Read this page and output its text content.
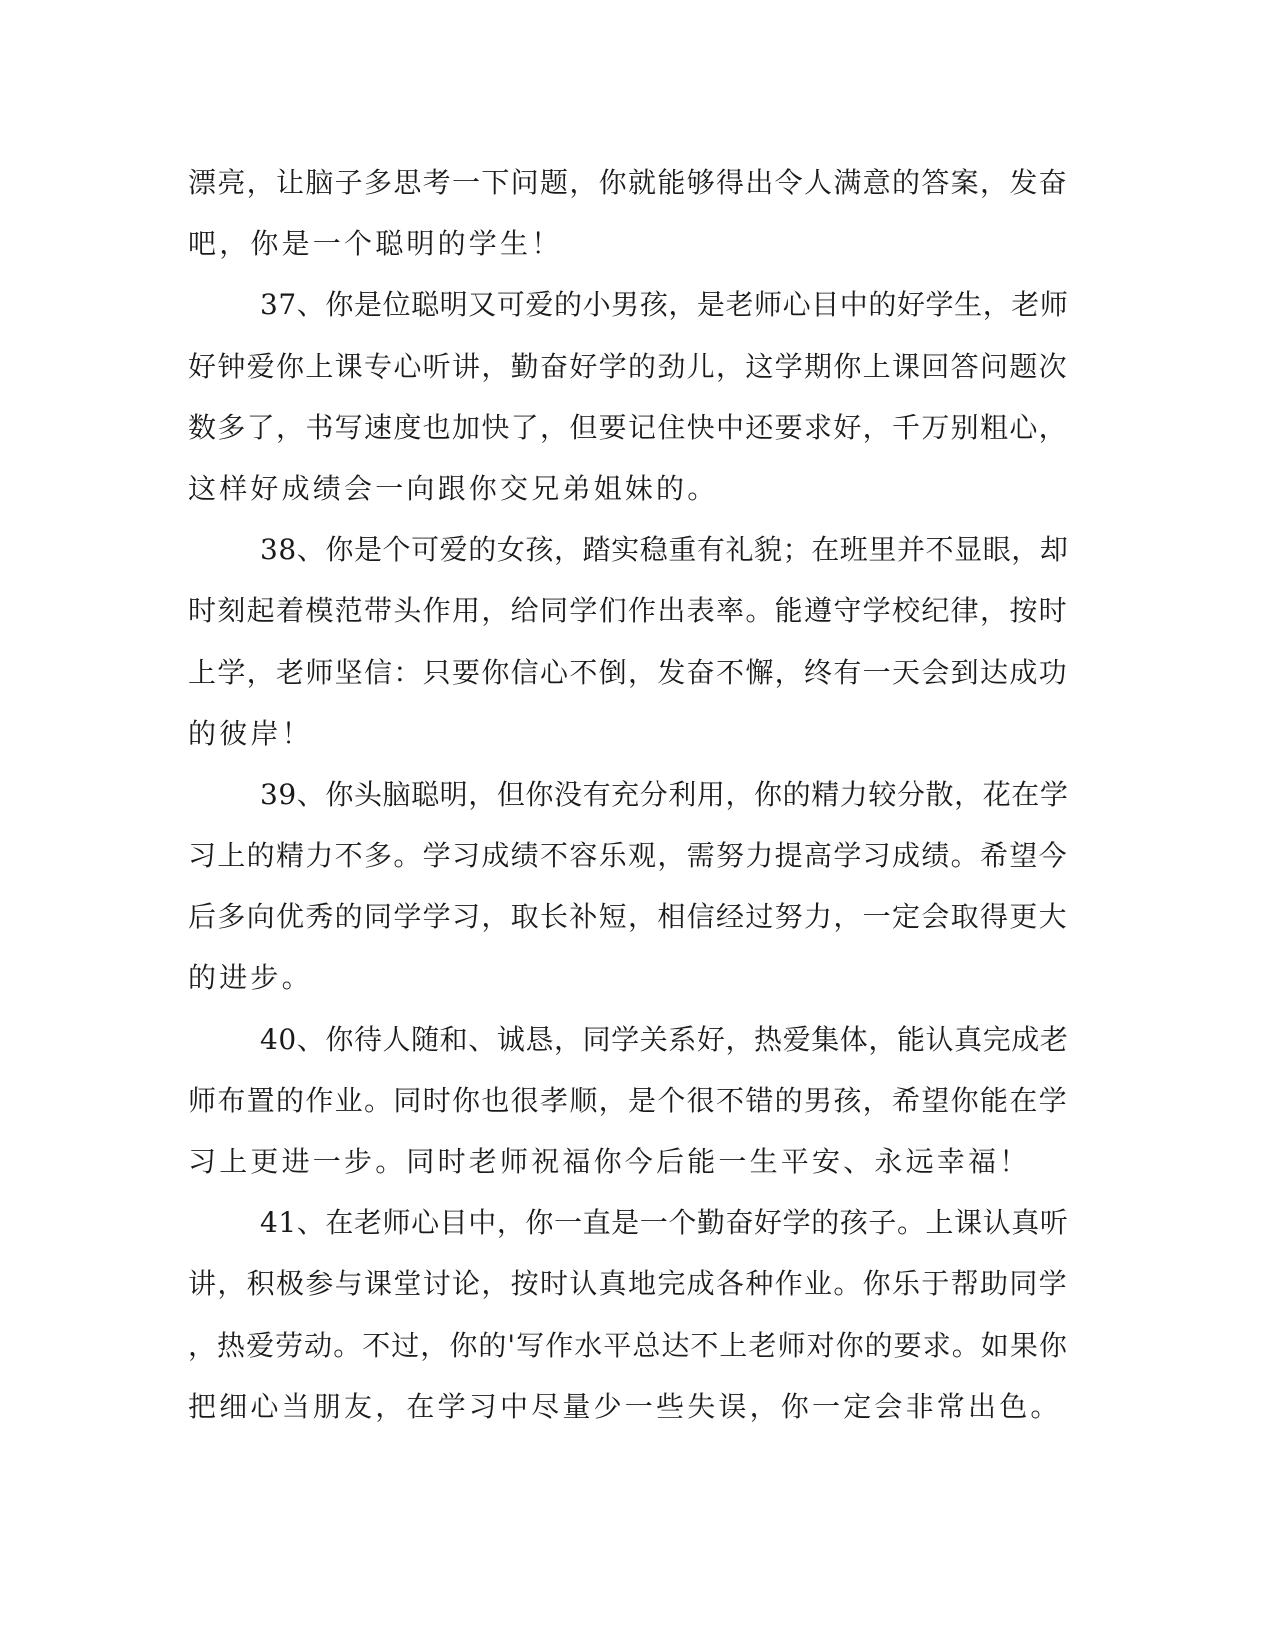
漂亮，让脑子多思考一下问题，你就能够得出令人满意的答案，发奋
吧，你是一个聪明的学生！
37、你是位聪明又可爱的小男孩，是老师心目中的好学生，老师
好钟爱你上课专心听讲，勤奋好学的劲儿，这学期你上课回答问题次
数多了，书写速度也加快了，但要记住快中还要求好，千万别粗心，
这样好成绩会一向跟你交兄弟姐妹的。
38、你是个可爱的女孩，踏实稳重有礼貌；在班里并不显眼，却
时刻起着模范带头作用，给同学们作出表率。能遵守学校纪律，按时
上学，老师坚信：只要你信心不倒，发奋不懈，终有一天会到达成功
的彼岸！
39、你头脑聪明，但你没有充分利用，你的精力较分散，花在学
习上的精力不多。学习成绩不容乐观，需努力提高学习成绩。希望今
后多向优秀的同学学习，取长补短，相信经过努力，一定会取得更大
的进步。
40、你待人随和、诚恳，同学关系好，热爱集体，能认真完成老
师布置的作业。同时你也很孝顺，是个很不错的男孩，希望你能在学
习上更进一步。同时老师祝福你今后能一生平安、永远幸福！
41、在老师心目中，你一直是一个勤奋好学的孩子。上课认真听
讲，积极参与课堂讨论，按时认真地完成各种作业。你乐于帮助同学
，热爱劳动。不过，你的'写作水平总达不上老师对你的要求。如果你
把细心当朋友，在学习中尽量少一些失误，你一定会非常出色。
